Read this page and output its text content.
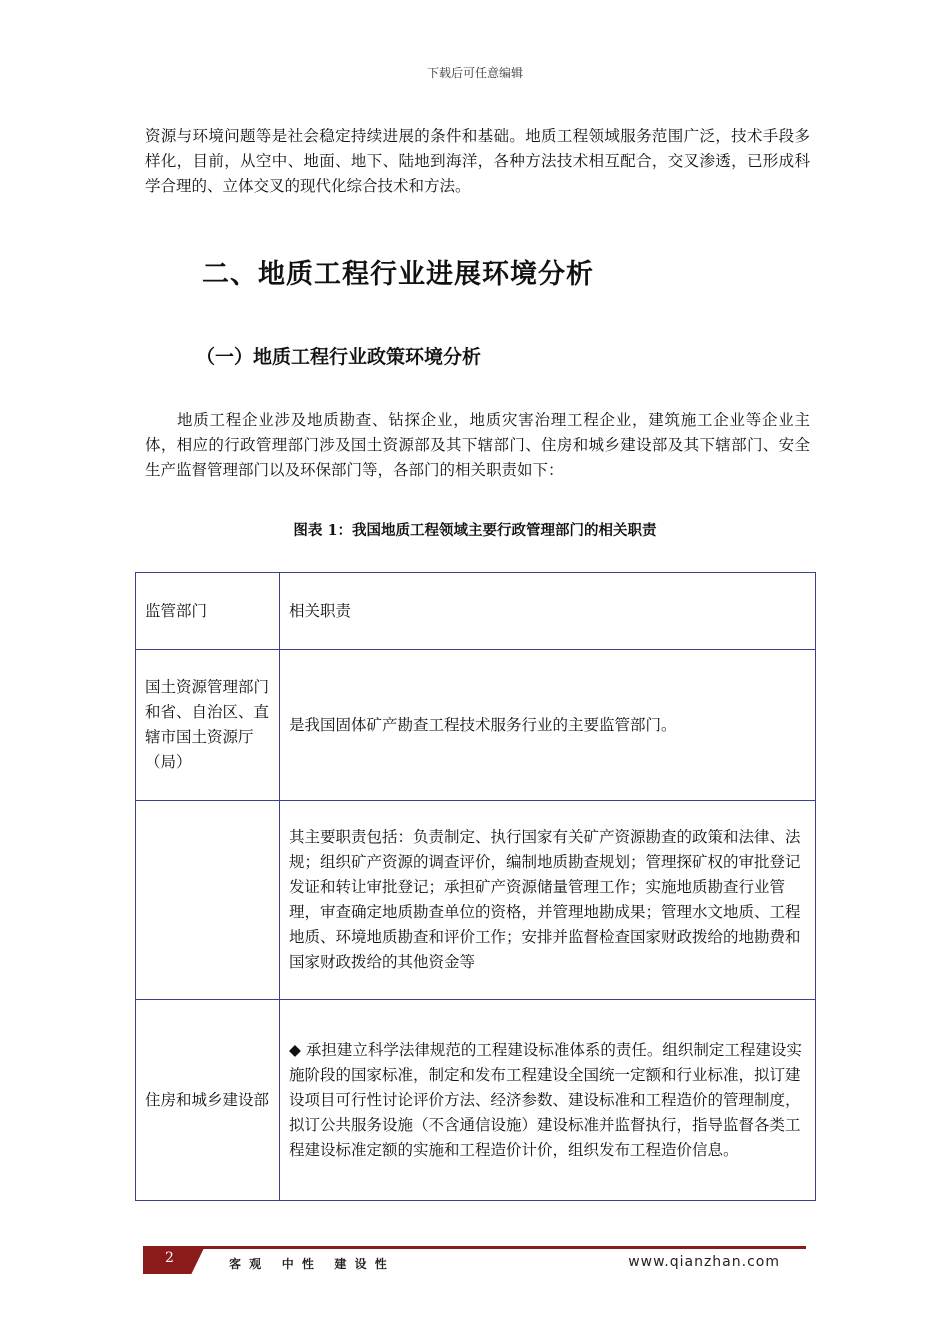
下载后可任意编辑

资源与环境问题等是社会稳定持续进展的条件和基础。地质工程领域服务范围广泛，技术手段多样化，目前，从空中、地面、地下、陆地到海洋，各种方法技术相互配合，交叉渗透，已形成科学合理的、立体交叉的现代化综合技术和方法。

二、地质工程行业进展环境分析
（一）地质工程行业政策环境分析

地质工程企业涉及地质勘查、钻探企业，地质灾害治理工程企业，建筑施工企业等企业主体，相应的行政管理部门涉及国土资源部及其下辖部门、住房和城乡建设部及其下辖部门、安全生产监督管理部门以及环保部门等，各部门的相关职责如下：

图表 1：我国地质工程领域主要行政管理部门的相关职责

监管部门	相关职责
国土资源管理部门和省、自治区、直辖市国土资源厅（局）	是我国固体矿产勘查工程技术服务行业的主要监管部门。
	其主要职责包括：负责制定、执行国家有关矿产资源勘查的政策和法律、法规；组织矿产资源的调查评价，编制地质勘查规划；管理探矿权的审批登记发证和转让审批登记；承担矿产资源储量管理工作；实施地质勘查行业管理，审查确定地质勘查单位的资格，并管理地勘成果；管理水文地质、工程地质、环境地质勘查和评价工作；安排并监督检查国家财政拨给的地勘费和国家财政拨给的其他资金等
住房和城乡建设部	◆ 承担建立科学法律规范的工程建设标准体系的责任。组织制定工程建设实施阶段的国家标准，制定和发布工程建设全国统一定额和行业标准，拟订建设项目可行性讨论评价方法、经济参数、建设标准和工程造价的管理制度，拟订公共服务设施（不含通信设施）建设标准并监督执行，指导监督各类工程建设标准定额的实施和工程造价计价，组织发布工程造价信息。
2	客 观   中 性   建 设 性	www.qianzhan.com
